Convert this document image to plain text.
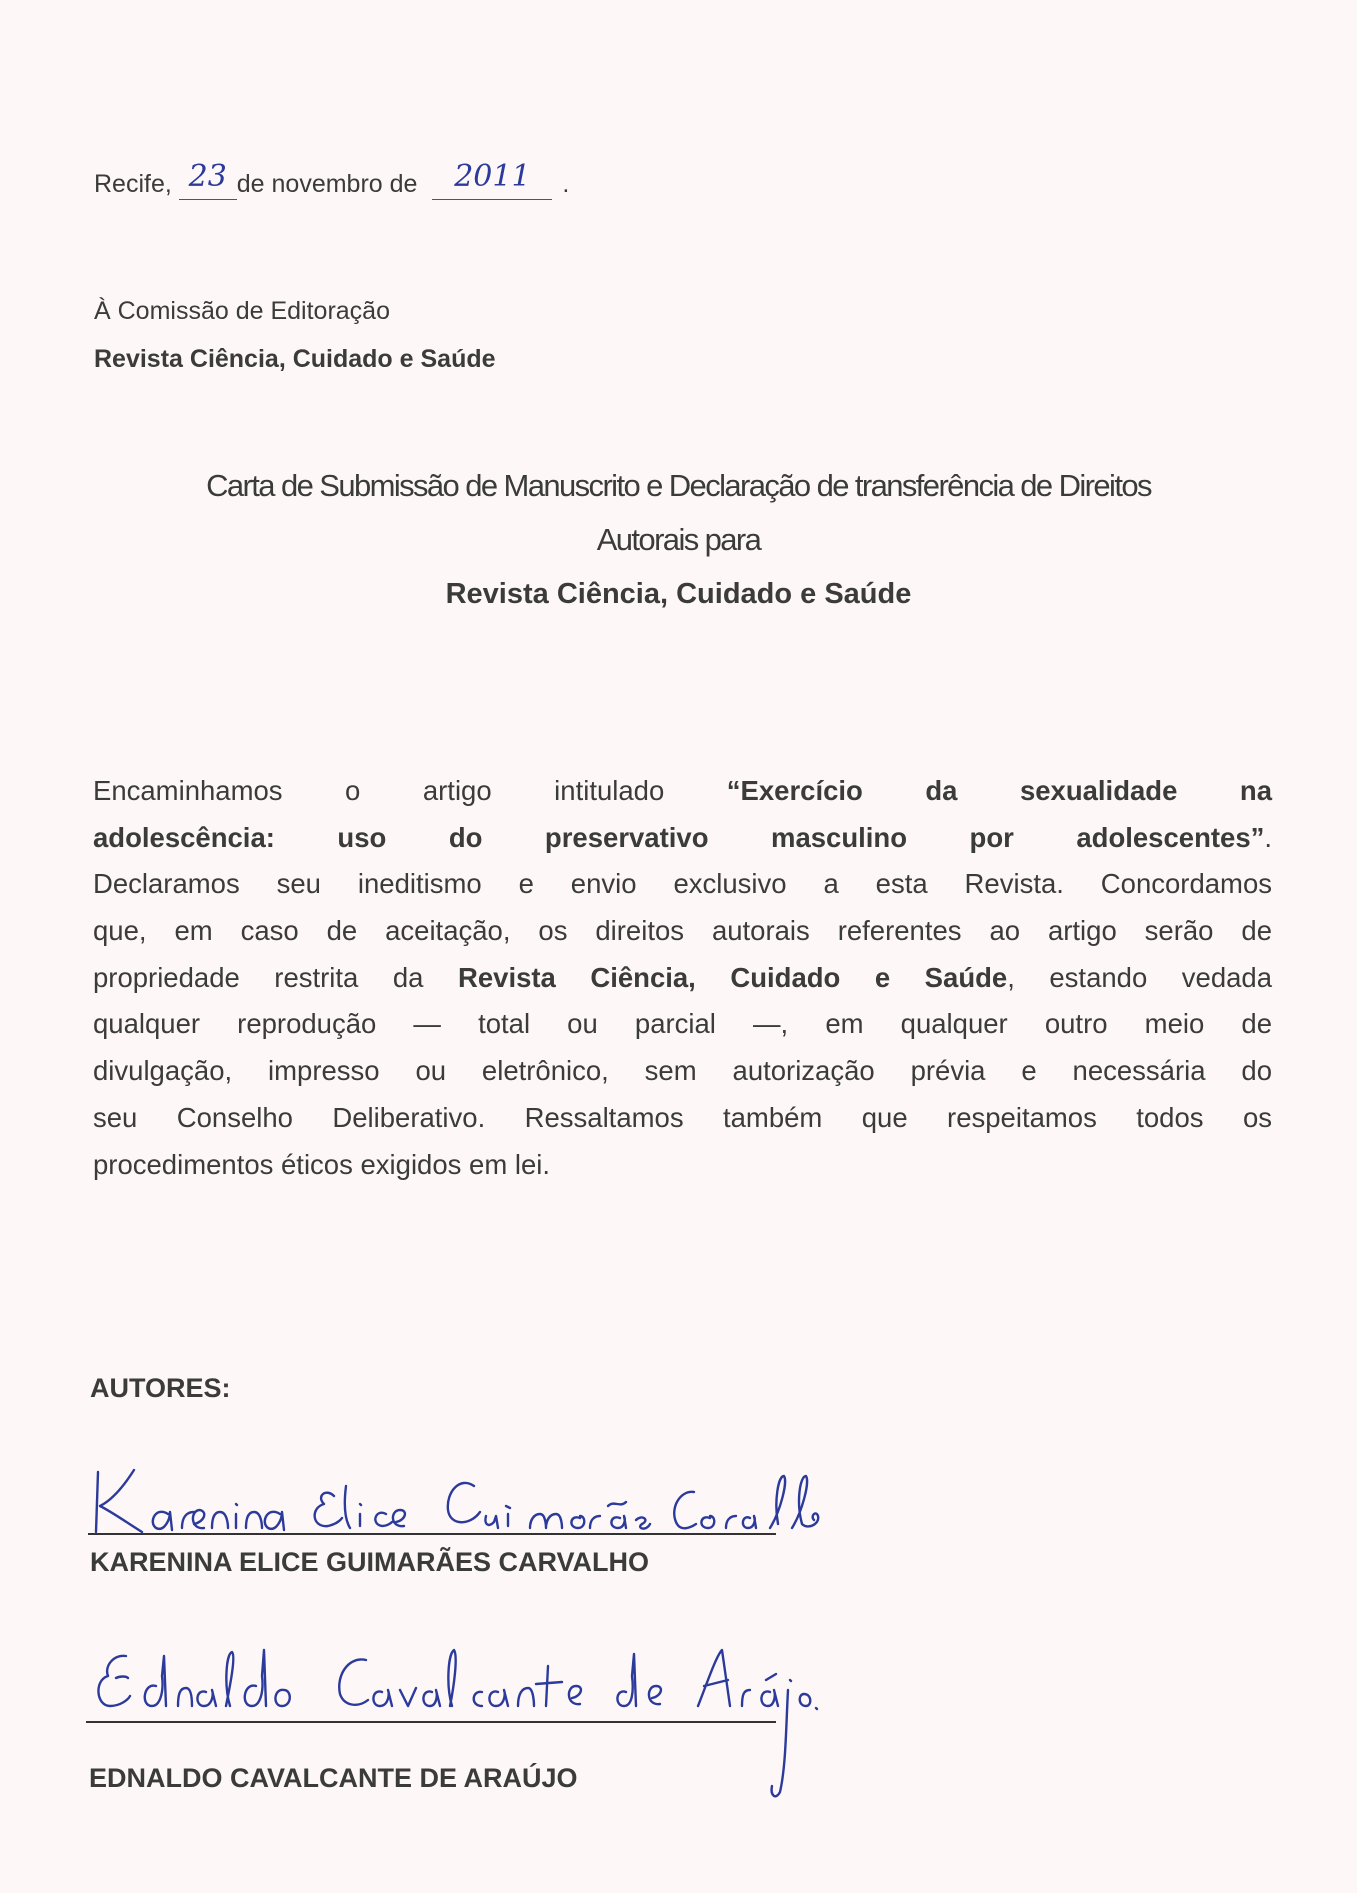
Recife, 23 de novembro de 2011 .
À Comissão de Editoração
Revista Ciência, Cuidado e Saúde
Carta de Submissão de Manuscrito e Declaração de transferência de Direitos
Autorais para
Revista Ciência, Cuidado e Saúde
Encaminhamos o artigo intitulado “Exercício da sexualidade na
adolescência: uso do preservativo masculino por adolescentes”.
Declaramos seu ineditismo e envio exclusivo a esta Revista. Concordamos
que, em caso de aceitação, os direitos autorais referentes ao artigo serão de
propriedade restrita da Revista Ciência, Cuidado e Saúde, estando vedada
qualquer reprodução — total ou parcial —, em qualquer outro meio de
divulgação, impresso ou eletrônico, sem autorização prévia e necessária do
seu Conselho Deliberativo. Ressaltamos também que respeitamos todos os
procedimentos éticos exigidos em lei.
AUTORES:
KARENINA ELICE GUIMARÃES CARVALHO
EDNALDO CAVALCANTE DE ARAÚJO
